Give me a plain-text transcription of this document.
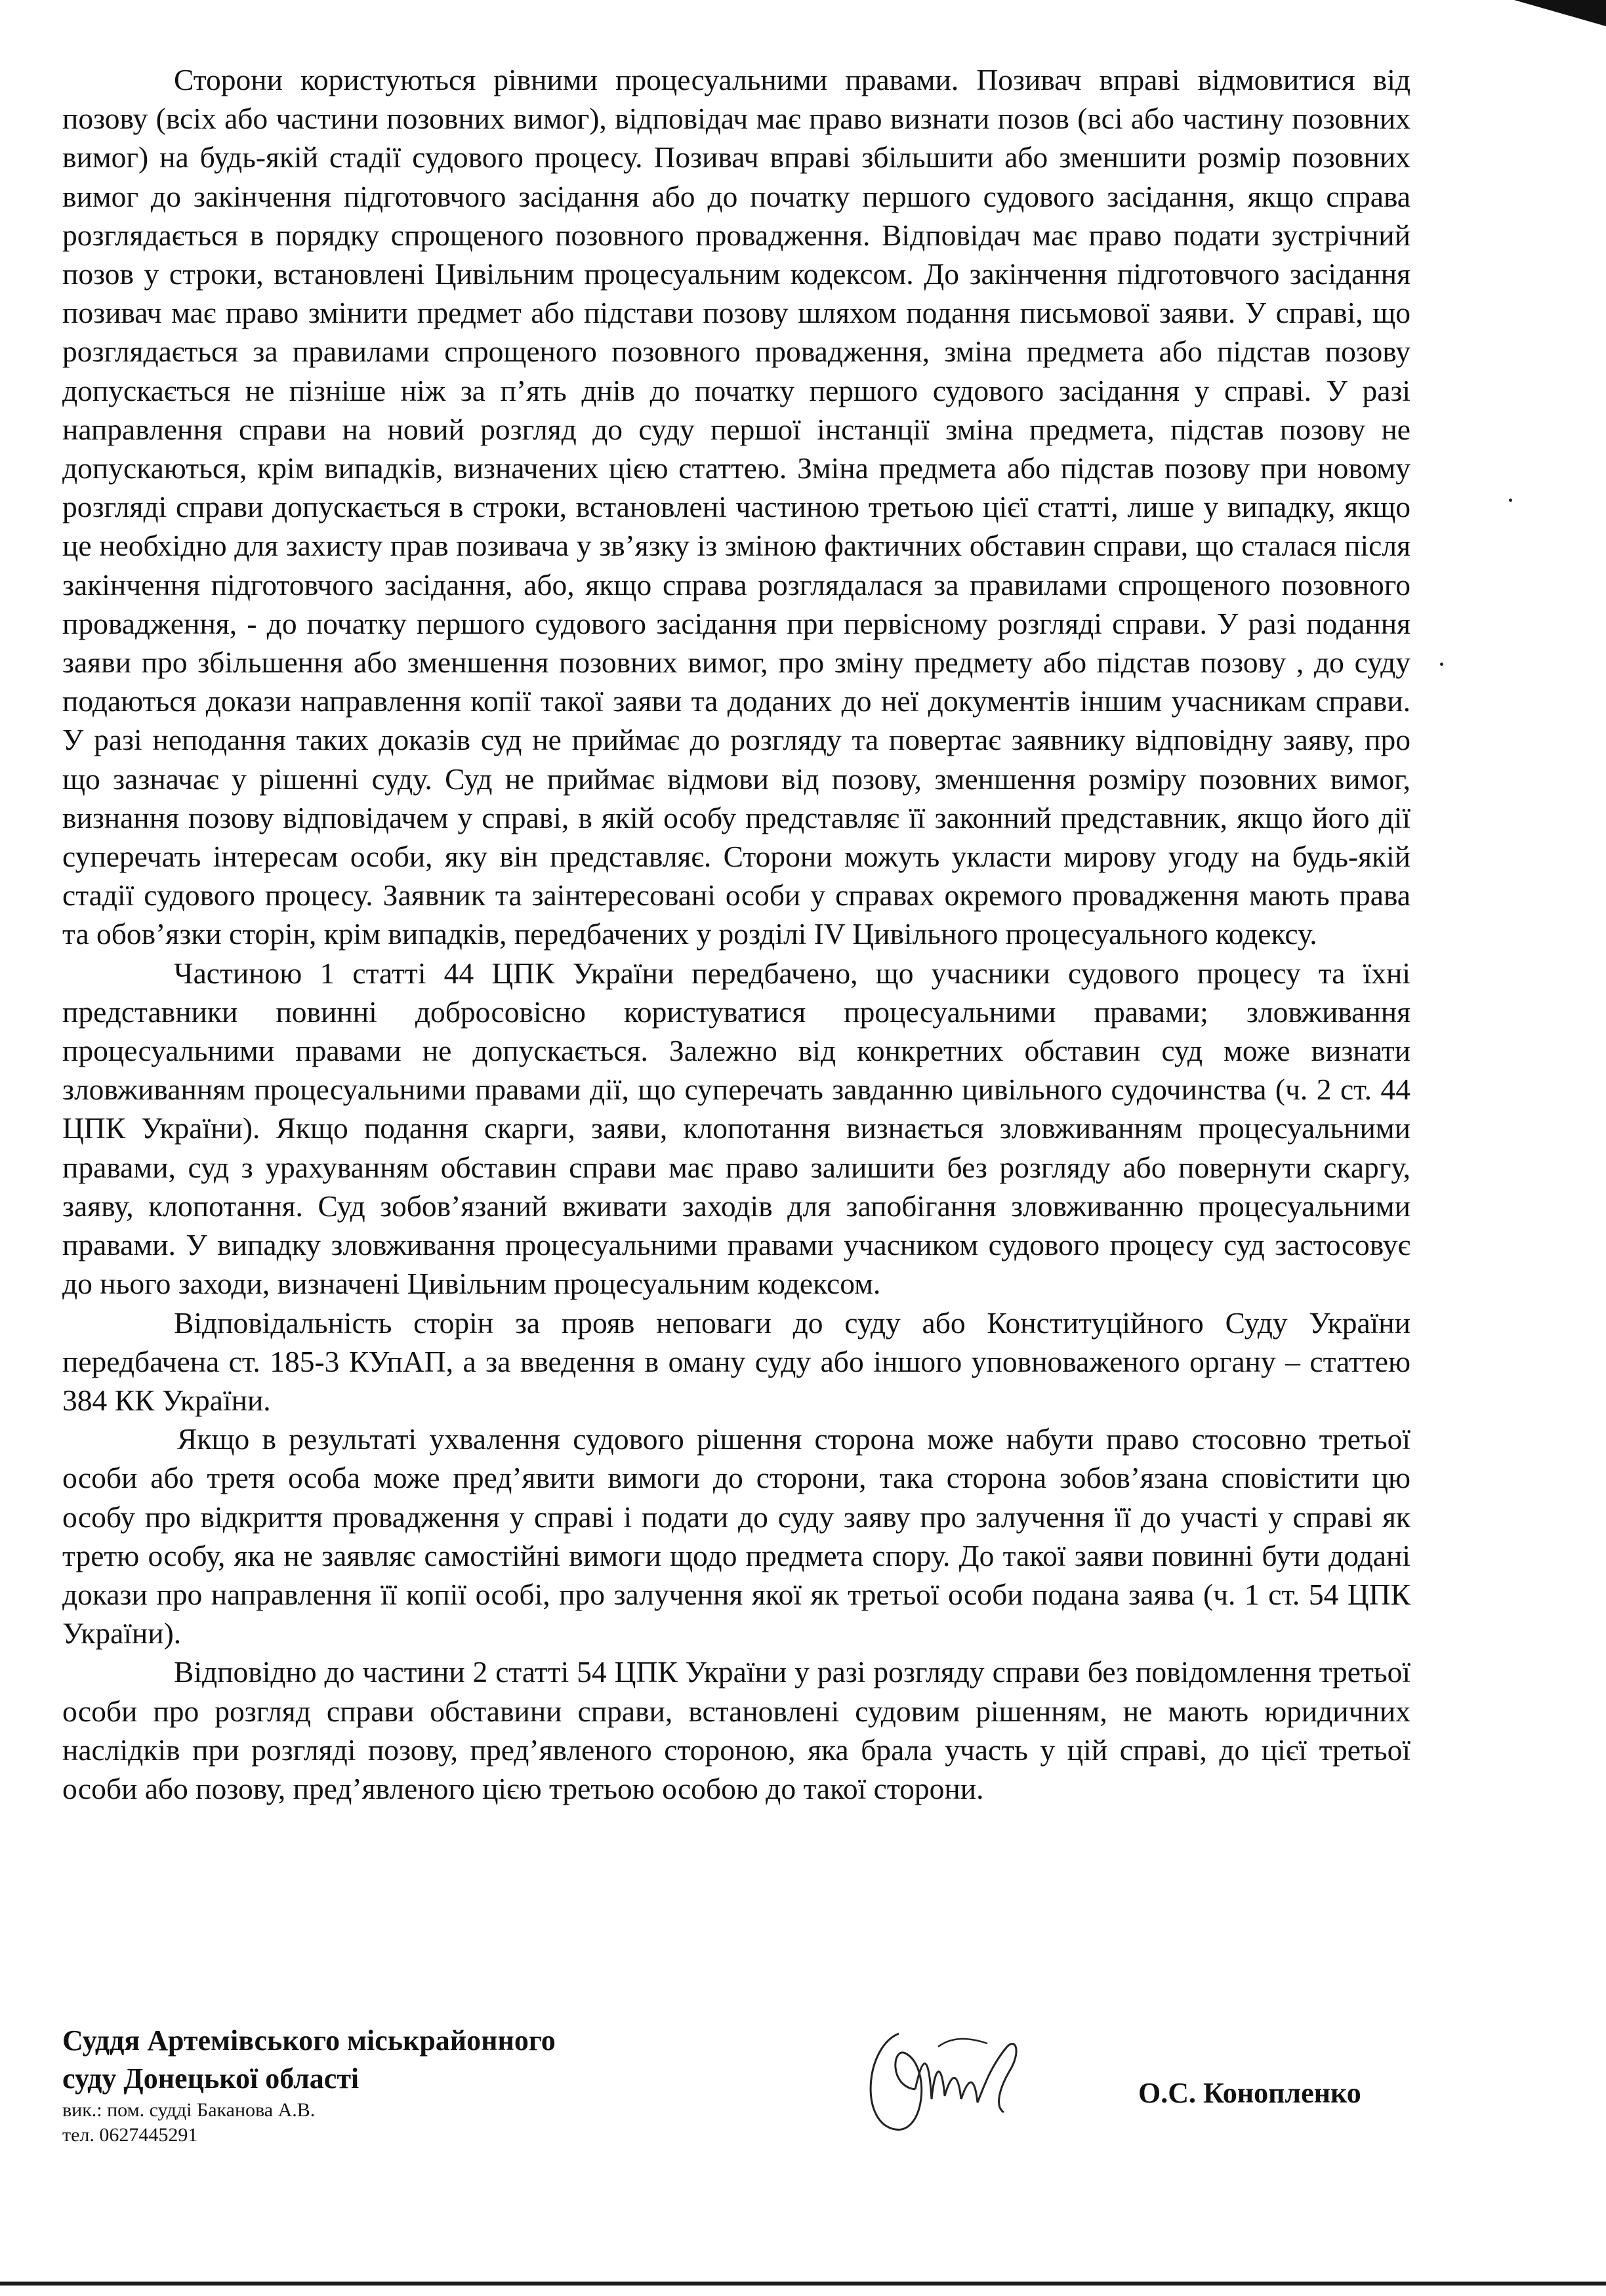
Сторони користуються рівними процесуальними правами. Позивач вправі відмовитися від позову (всіх або частини позовних вимог), відповідач має право визнати позов (всі або частину позовних вимог) на будь-якій стадії судового процесу. Позивач вправі збільшити або зменшити розмір позовних вимог до закінчення підготовчого засідання або до початку першого судового засідання, якщо справа розглядається в порядку спрощеного позовного провадження. Відповідач має право подати зустрічний позов у строки, встановлені Цивільним процесуальним кодексом. До закінчення підготовчого засідання позивач має право змінити предмет або підстави позову шляхом подання письмової заяви. У справі, що розглядається за правилами спрощеного позовного провадження, зміна предмета або підстав позову допускається не пізніше ніж за п’ять днів до початку першого судового засідання у справі. У разі направлення справи на новий розгляд до суду першої інстанції зміна предмета, підстав позову не допускаються, крім випадків, визначених цією статтею. Зміна предмета або підстав позову при новому розгляді справи допускається в строки, встановлені частиною третьою цієї статті, лише у випадку, якщо це необхідно для захисту прав позивача у зв’язку із зміною фактичних обставин справи, що сталася після закінчення підготовчого засідання, або, якщо справа розглядалася за правилами спрощеного позовного провадження, - до початку першого судового засідання при первісному розгляді справи. У разі подання заяви про збільшення або зменшення позовних вимог, про зміну предмету або підстав позову , до суду подаються докази направлення копії такої заяви та доданих до неї документів іншим учасникам справи. У разі неподання таких доказів суд не приймає до розгляду та повертає заявнику відповідну заяву, про що зазначає у рішенні суду. Суд не приймає відмови від позову, зменшення розміру позовних вимог, визнання позову відповідачем у справі, в якій особу представляє її законний представник, якщо його дії суперечать інтересам особи, яку він представляє. Сторони можуть укласти мирову угоду на будь-якій стадії судового процесу. Заявник та заінтересовані особи у справах окремого провадження мають права та обов’язки сторін, крім випадків, передбачених у розділі IV Цивільного процесуального кодексу.

Частиною 1 статті 44 ЦПК України передбачено, що учасники судового процесу та їхні представники повинні добросовісно користуватися процесуальними правами; зловживання процесуальними правами не допускається. Залежно від конкретних обставин суд може визнати зловживанням процесуальними правами дії, що суперечать завданню цивільного судочинства (ч. 2 ст. 44 ЦПК України). Якщо подання скарги, заяви, клопотання визнається зловживанням процесуальними правами, суд з урахуванням обставин справи має право залишити без розгляду або повернути скаргу, заяву, клопотання. Суд зобов’язаний вживати заходів для запобігання зловживанню процесуальними правами. У випадку зловживання процесуальними правами учасником судового процесу суд застосовує до нього заходи, визначені Цивільним процесуальним кодексом.

Відповідальність сторін за прояв неповаги до суду або Конституційного Суду України передбачена ст. 185-3 КУпАП, а за введення в оману суду або іншого уповноваженого органу – статтею 384 КК України.

Якщо в результаті ухвалення судового рішення сторона може набути право стосовно третьої особи або третя особа може пред’явити вимоги до сторони, така сторона зобов’язана сповістити цю особу про відкриття провадження у справі і подати до суду заяву про залучення її до участі у справі як третю особу, яка не заявляє самостійні вимоги щодо предмета спору. До такої заяви повинні бути додані докази про направлення її копії особі, про залучення якої як третьої особи подана заява (ч. 1 ст. 54 ЦПК України).

Відповідно до частини 2 статті 54 ЦПК України у разі розгляду справи без повідомлення третьої особи про розгляд справи обставини справи, встановлені судовим рішенням, не мають юридичних наслідків при розгляді позову, пред’явленого стороною, яка брала участь у цій справі, до цієї третьої особи або позову, пред’явленого цією третьою особою до такої сторони.

Суддя Артемівського міськрайонного

суду Донецької області

вик.: пом. судді Баканова А.В.

тел. 0627445291

О.С. Конопленко
